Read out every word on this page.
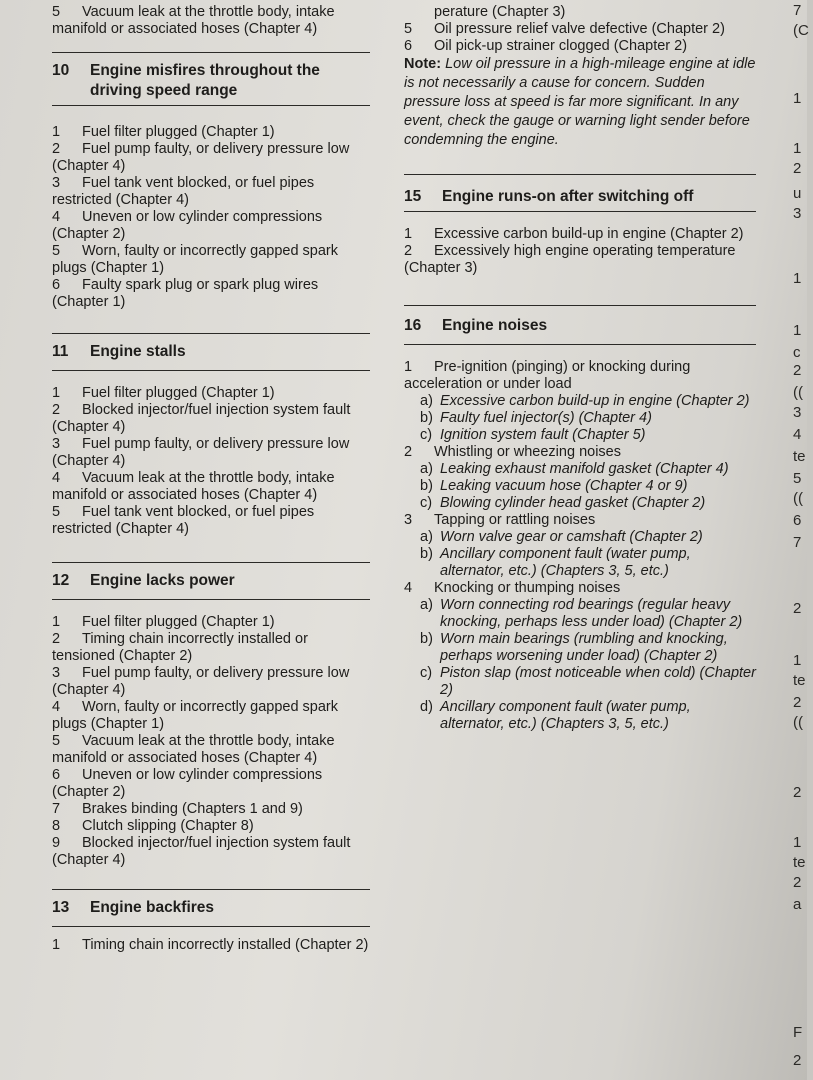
5 Vacuum leak at the throttle body, intake
manifold or associated hoses (Chapter 4)
10 Engine misfires throughout the driving speed range
1 Fuel filter plugged (Chapter 1)
2 Fuel pump faulty, or delivery pressure low (Chapter 4)
3 Fuel tank vent blocked, or fuel pipes restricted (Chapter 4)
4 Uneven or low cylinder compressions (Chapter 2)
5 Worn, faulty or incorrectly gapped spark plugs (Chapter 1)
6 Faulty spark plug or spark plug wires (Chapter 1)
11 Engine stalls
1 Fuel filter plugged (Chapter 1)
2 Blocked injector/fuel injection system fault (Chapter 4)
3 Fuel pump faulty, or delivery pressure low (Chapter 4)
4 Vacuum leak at the throttle body, intake manifold or associated hoses (Chapter 4)
5 Fuel tank vent blocked, or fuel pipes restricted (Chapter 4)
12 Engine lacks power
1 Fuel filter plugged (Chapter 1)
2 Timing chain incorrectly installed or tensioned (Chapter 2)
3 Fuel pump faulty, or delivery pressure low (Chapter 4)
4 Worn, faulty or incorrectly gapped spark plugs (Chapter 1)
5 Vacuum leak at the throttle body, intake manifold or associated hoses (Chapter 4)
6 Uneven or low cylinder compressions (Chapter 2)
7 Brakes binding (Chapters 1 and 9)
8 Clutch slipping (Chapter 8)
9 Blocked injector/fuel injection system fault (Chapter 4)
13 Engine backfires
1 Timing chain incorrectly installed (Chapter 2)
perature (Chapter 3)
5 Oil pressure relief valve defective (Chapter 2)
6 Oil pick-up strainer clogged (Chapter 2)
Note: Low oil pressure in a high-mileage engine at idle is not necessarily a cause for concern. Sudden pressure loss at speed is far more significant. In any event, check the gauge or warning light sender before condemning the engine.
15 Engine runs-on after switching off
1 Excessive carbon build-up in engine (Chapter 2)
2 Excessively high engine operating temperature (Chapter 3)
16 Engine noises
1 Pre-ignition (pinging) or knocking during acceleration or under load
a) Excessive carbon build-up in engine (Chapter 2)
b) Faulty fuel injector(s) (Chapter 4)
c) Ignition system fault (Chapter 5)
2 Whistling or wheezing noises
a) Leaking exhaust manifold gasket (Chapter 4)
b) Leaking vacuum hose (Chapter 4 or 9)
c) Blowing cylinder head gasket (Chapter 2)
3 Tapping or rattling noises
a) Worn valve gear or camshaft (Chapter 2)
b) Ancillary component fault (water pump, alternator, etc.) (Chapters 3, 5, etc.)
4 Knocking or thumping noises
a) Worn connecting rod bearings (regular heavy knocking, perhaps less under load) (Chapter 2)
b) Worn main bearings (rumbling and knocking, perhaps worsening under load) (Chapter 2)
c) Piston slap (most noticeable when cold) (Chapter 2)
d) Ancillary component fault (water pump, alternator, etc.) (Chapters 3, 5, etc.)
7
(C
1
1
2
u
3
1
1
c
2
((
3
4
te
5
((
6
7
2
1
te
2
((
2
1
te
2
a
F
2
